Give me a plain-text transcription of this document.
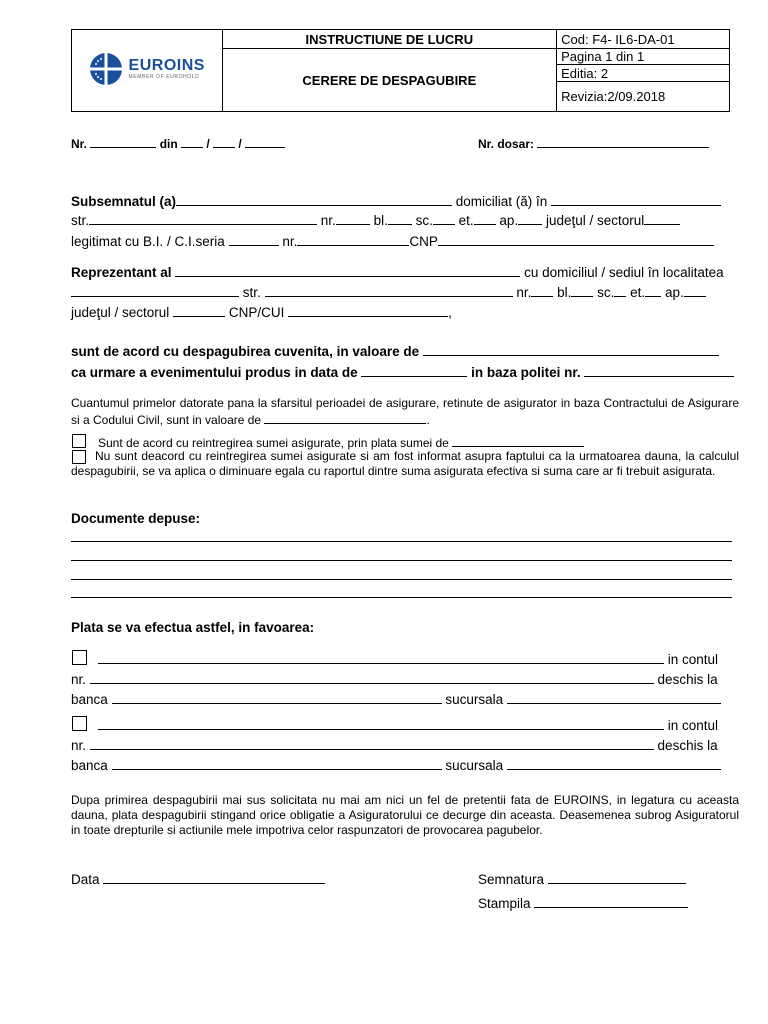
EUROINS
MEMBER OF EUROHOLD	INSTRUCTIUNE DE LUCRU	Cod: F4- IL6-DA-01
	CERERE DE DESPAGUBIRE	Pagina 1 din 1
		Editia: 2
		Revizia:2/09.2018
Nr.	din / /	Nr. dosar:
Subsemnatul (a)	domiciliat (ă) în
str.	nr.	bl. sc. et. ap. judeţul / sectorul
legitimat cu B.I. / C.I.seria	nr.	CNP
Reprezentant al	cu domiciliul / sediul în localitatea
str.	nr. bl. sc. et. ap.
judeţul / sectorul	CNP/CUI	,
sunt de acord cu despagubirea cuvenita, in valoare de
ca urmare a evenimentului produs in data de	in baza politei nr.
Cuantumul primelor datorate pana la sfarsitul perioadei de asigurare, retinute de asigurator in baza Contractului de Asigurare si a Codului Civil, sunt in valoare de	.
Sunt de acord cu reintregirea sumei asigurate, prin plata sumei de
Nu sunt deacord cu reintregirea sumei asigurate si am fost informat asupra faptului ca la urmatoarea dauna, la calculul despagubirii, se va aplica o diminuare egala cu raportul dintre suma asigurata efectiva si suma care ar fi trebuit asigurata.
Documente depuse:
Plata se va efectua astfel, in favoarea:
in contul
nr.	deschis la
banca	sucursala
in contul
nr.	deschis la
banca	sucursala
Dupa primirea despagubirii mai sus solicitata nu mai am nici un fel de pretentii fata de EUROINS, in legatura cu aceasta dauna, plata despagubirii stingand orice obligatie a Asiguratorului ce decurge din aceasta. Deasemenea subrog Asiguratorul in toate drepturile si actiunile mele impotriva celor raspunzatori de provocarea pagubelor.
Data	Semnatura
Stampila
